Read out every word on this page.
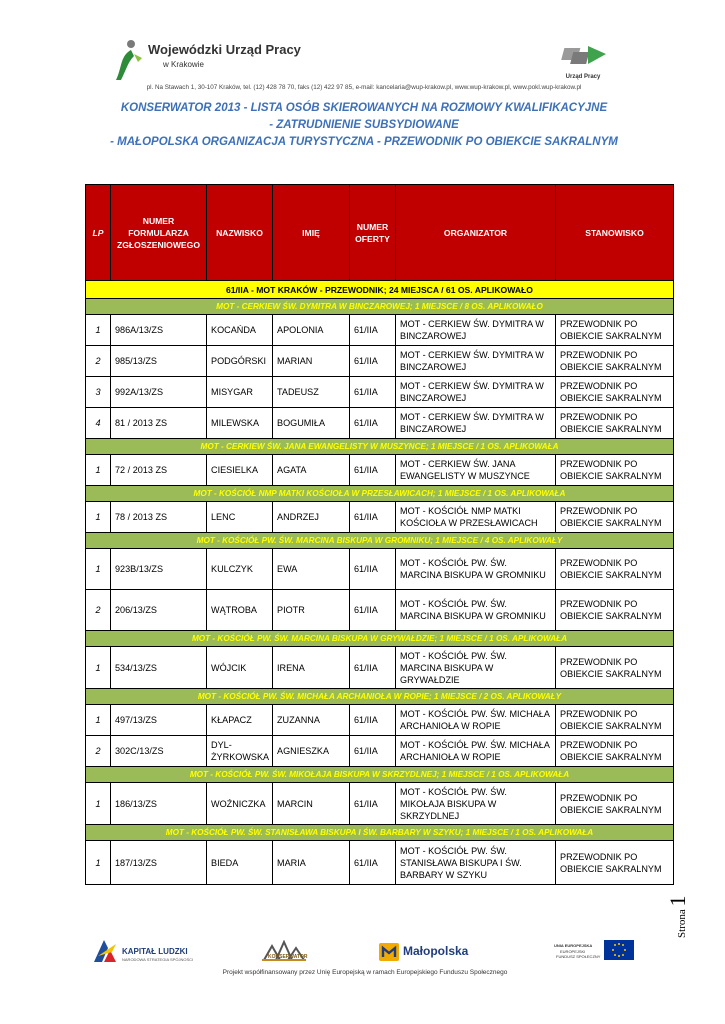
Wojewódzki Urząd Pracy
w Krakowie
Urząd Pracy
pl. Na Stawach 1, 30-107 Kraków, tel. (12) 428 78 70, faks (12) 422 97 85, e-mail: kancelaria@wup-krakow.pl, www.wup-krakow.pl, www.pokl.wup-krakow.pl
KONSERWATOR 2013 - LISTA OSÓB SKIEROWANYCH NA ROZMOWY KWALIFIKACYJNE
- ZATRUDNIENIE SUBSYDIOWANE
- MAŁOPOLSKA ORGANIZACJA TURYSTYCZNA - PRZEWODNIK PO OBIEKCIE SAKRALNYM
LP	NUMER FORMULARZA ZGŁOSZENIOWEGO	NAZWISKO	IMIĘ	NUMER OFERTY	ORGANIZATOR	STANOWISKO
61/IIA - MOT KRAKÓW - PRZEWODNIK; 24 MIEJSCA / 61 OS. APLIKOWAŁO						
MOT - CERKIEW ŚW. DYMITRA W BINCZAROWEJ; 1 MIEJSCE / 8 OS. APLIKOWAŁO						
1	986A/13/ZS	KOCAŃDA	APOLONIA	61/IIA	MOT - CERKIEW ŚW. DYMITRA W BINCZAROWEJ	PRZEWODNIK PO OBIEKCIE SAKRALNYM
2	985/13/ZS	PODGÓRSKI	MARIAN	61/IIA	MOT - CERKIEW ŚW. DYMITRA W BINCZAROWEJ	PRZEWODNIK PO OBIEKCIE SAKRALNYM
3	992A/13/ZS	MISYGAR	TADEUSZ	61/IIA	MOT - CERKIEW ŚW. DYMITRA W BINCZAROWEJ	PRZEWODNIK PO OBIEKCIE SAKRALNYM
4	81 / 2013 ZS	MILEWSKA	BOGUMIŁA	61/IIA	MOT - CERKIEW ŚW. DYMITRA W BINCZAROWEJ	PRZEWODNIK PO OBIEKCIE SAKRALNYM
MOT - CERKIEW ŚW. JANA EWANGELISTY W MUSZYNCE; 1 MIEJSCE / 1 OS. APLIKOWAŁA						
1	72 / 2013 ZS	CIESIELKA	AGATA	61/IIA	MOT - CERKIEW ŚW. JANA EWANGELISTY W MUSZYNCE	PRZEWODNIK PO OBIEKCIE SAKRALNYM
MOT - KOŚCIÓŁ NMP MATKI KOŚCIOŁA W PRZESŁAWICACH; 1 MIEJSCE / 1 OS. APLIKOWAŁA						
1	78 / 2013 ZS	LENC	ANDRZEJ	61/IIA	MOT - KOŚCIÓŁ NMP MATKI KOŚCIOŁA W PRZESŁAWICACH	PRZEWODNIK PO OBIEKCIE SAKRALNYM
MOT - KOŚCIÓŁ PW. ŚW. MARCINA BISKUPA W GROMNIKU; 1 MIEJSCE / 4 OS. APLIKOWAŁY						
1	923B/13/ZS	KULCZYK	EWA	61/IIA	MOT - KOŚCIÓŁ PW. ŚW. MARCINA BISKUPA W GROMNIKU	PRZEWODNIK PO OBIEKCIE SAKRALNYM
2	206/13/ZS	WĄTROBA	PIOTR	61/IIA	MOT - KOŚCIÓŁ PW. ŚW. MARCINA BISKUPA W GROMNIKU	PRZEWODNIK PO OBIEKCIE SAKRALNYM
MOT - KOŚCIÓŁ PW. ŚW. MARCINA BISKUPA W GRYWAŁDZIE; 1 MIEJSCE / 1 OS. APLIKOWAŁA						
1	534/13/ZS	WÓJCIK	IRENA	61/IIA	MOT - KOŚCIÓŁ PW. ŚW. MARCINA BISKUPA W GRYWAŁDZIE	PRZEWODNIK PO OBIEKCIE SAKRALNYM
MOT - KOŚCIÓŁ PW. ŚW. MICHAŁA ARCHANIOŁA W ROPIE; 1 MIEJSCE / 2 OS. APLIKOWAŁY						
1	497/13/ZS	KŁAPACZ	ZUZANNA	61/IIA	MOT - KOŚCIÓŁ PW. ŚW. MICHAŁA ARCHANIOŁA W ROPIE	PRZEWODNIK PO OBIEKCIE SAKRALNYM
2	302C/13/ZS	DYL-ŻYRKOWSKA	AGNIESZKA	61/IIA	MOT - KOŚCIÓŁ PW. ŚW. MICHAŁA ARCHANIOŁA W ROPIE	PRZEWODNIK PO OBIEKCIE SAKRALNYM
MOT - KOŚCIÓŁ PW. ŚW. MIKOŁAJA BISKUPA W SKRZYDLNEJ; 1 MIEJSCE / 1 OS. APLIKOWAŁA						
1	186/13/ZS	WOŹNICZKA	MARCIN	61/IIA	MOT - KOŚCIÓŁ PW. ŚW. MIKOŁAJA BISKUPA W SKRZYDLNEJ	PRZEWODNIK PO OBIEKCIE SAKRALNYM
MOT - KOŚCIÓŁ PW. ŚW. STANISŁAWA BISKUPA I ŚW. BARBARY W SZYKU; 1 MIEJSCE / 1 OS. APLIKOWAŁA						
1	187/13/ZS	BIEDA	MARIA	61/IIA	MOT - KOŚCIÓŁ PW. ŚW. STANISŁAWA BISKUPA I ŚW. BARBARY W SZYKU	PRZEWODNIK PO OBIEKCIE SAKRALNYM
Strona 1
KAPITAŁ LUDZKI
NARODOWA STRATEGIA SPÓJNOŚCI	KONSERWATOR	Małopolska	UNIA EUROPEJSKA
EUROPEJSKI
FUNDUSZ SPOŁECZNY
Projekt współfinansowany przez Unię Europejską w ramach Europejskiego Funduszu Społecznego
